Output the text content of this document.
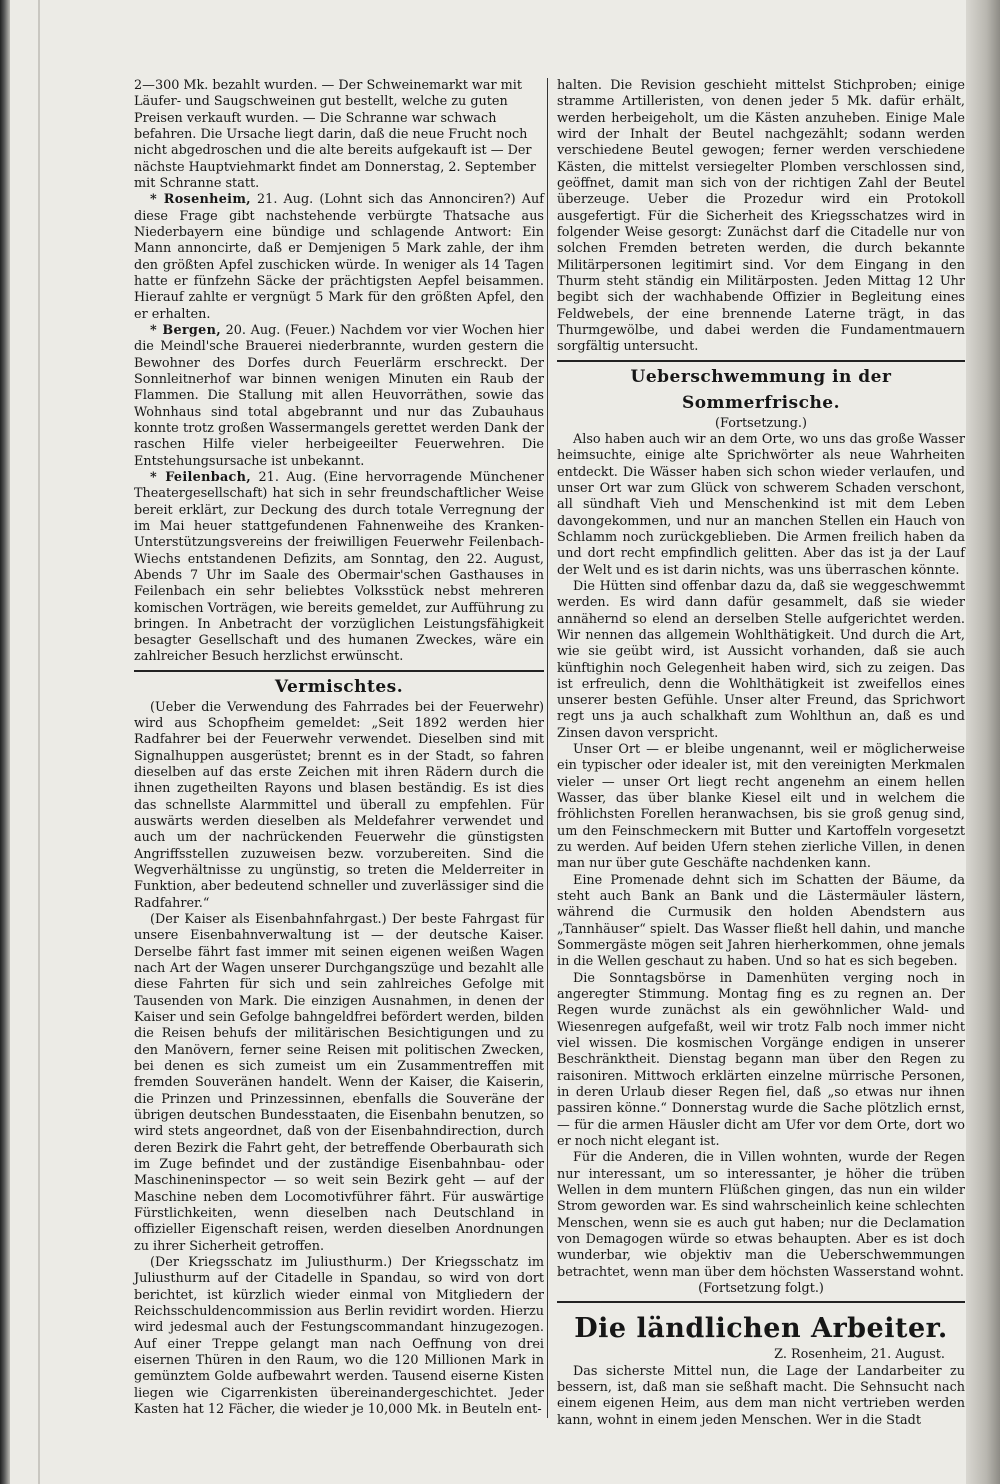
2—300 Mk. bezahlt wurden. — Der Schweinemarkt war mit Läufer- und Saugschweinen gut bestellt, welche zu guten Preisen verkauft wurden. — Die Schranne war schwach befahren. Die Ursache liegt darin, daß die neue Frucht noch nicht abgedroschen und die alte bereits aufgekauft ist — Der nächste Hauptviehmarkt findet am Donnerstag, 2. September mit Schranne statt.

* Rosenheim, 21. Aug. (Lohnt sich das Annonciren?) Auf diese Frage gibt nachstehende verbürgte Thatsache aus Niederbayern eine bündige und schlagende Antwort: Ein Mann annoncirte, daß er Demjenigen 5 Mark zahle, der ihm den größten Apfel zuschicken würde. In weniger als 14 Tagen hatte er fünfzehn Säcke der prächtigsten Aepfel beisammen. Hierauf zahlte er vergnügt 5 Mark für den größten Apfel, den er erhalten.

* Bergen, 20. Aug. (Feuer.) Nachdem vor vier Wochen hier die Meindl'sche Brauerei niederbrannte, wurden gestern die Bewohner des Dorfes durch Feuerlärm erschreckt. Der Sonnleitnerhof war binnen wenigen Minuten ein Raub der Flammen. Die Stallung mit allen Heuvorräthen, sowie das Wohnhaus sind total abgebrannt und nur das Zubauhaus konnte trotz großen Wassermangels gerettet werden Dank der raschen Hilfe vieler herbeigeeilter Feuerwehren. Die Entstehungsursache ist unbekannt.

* Feilenbach, 21. Aug. (Eine hervorragende Münchener Theatergesellschaft) hat sich in sehr freundschaftlicher Weise bereit erklärt, zur Deckung des durch totale Verregnung der im Mai heuer stattgefundenen Fahnenweihe des Kranken-Unterstützungsvereins der freiwilligen Feuerwehr Feilenbach-Wiechs entstandenen Defizits, am Sonntag, den 22. August, Abends 7 Uhr im Saale des Obermair'schen Gasthauses in Feilenbach ein sehr beliebtes Volksstück nebst mehreren komischen Vorträgen, wie bereits gemeldet, zur Aufführung zu bringen. In Anbetracht der vorzüglichen Leistungsfähigkeit besagter Gesellschaft und des humanen Zweckes, wäre ein zahlreicher Besuch herzlichst erwünscht.

Vermischtes.

(Ueber die Verwendung des Fahrrades bei der Feuerwehr) wird aus Schopfheim gemeldet: „Seit 1892 werden hier Radfahrer bei der Feuerwehr verwendet. Dieselben sind mit Signalhuppen ausgerüstet; brennt es in der Stadt, so fahren dieselben auf das erste Zeichen mit ihren Rädern durch die ihnen zugetheilten Rayons und blasen beständig. Es ist dies das schnellste Alarmmittel und überall zu empfehlen. Für auswärts werden dieselben als Meldefahrer verwendet und auch um der nachrückenden Feuerwehr die günstigsten Angriffsstellen zuzuweisen bezw. vorzubereiten. Sind die Wegverhältnisse zu ungünstig, so treten die Melderreiter in Funktion, aber bedeutend schneller und zuverlässiger sind die Radfahrer.“

(Der Kaiser als Eisenbahnfahrgast.) Der beste Fahrgast für unsere Eisenbahnverwaltung ist — der deutsche Kaiser. Derselbe fährt fast immer mit seinen eigenen weißen Wagen nach Art der Wagen unserer Durchgangszüge und bezahlt alle diese Fahrten für sich und sein zahlreiches Gefolge mit Tausenden von Mark. Die einzigen Ausnahmen, in denen der Kaiser und sein Gefolge bahngeldfrei befördert werden, bilden die Reisen behufs der militärischen Besichtigungen und zu den Manövern, ferner seine Reisen mit politischen Zwecken, bei denen es sich zumeist um ein Zusammentreffen mit fremden Souveränen handelt. Wenn der Kaiser, die Kaiserin, die Prinzen und Prinzessinnen, ebenfalls die Souveräne der übrigen deutschen Bundesstaaten, die Eisenbahn benutzen, so wird stets angeordnet, daß von der Eisenbahndirection, durch deren Bezirk die Fahrt geht, der betreffende Oberbaurath sich im Zuge befindet und der zuständige Eisenbahnbau- oder Maschineninspector — so weit sein Bezirk geht — auf der Maschine neben dem Locomotivführer fährt. Für auswärtige Fürstlichkeiten, wenn dieselben nach Deutschland in offizieller Eigenschaft reisen, werden dieselben Anordnungen zu ihrer Sicherheit getroffen.

(Der Kriegsschatz im Juliusthurm.) Der Kriegsschatz im Juliusthurm auf der Citadelle in Spandau, so wird von dort berichtet, ist kürzlich wieder einmal von Mitgliedern der Reichsschuldencommission aus Berlin revidirt worden. Hierzu wird jedesmal auch der Festungscommandant hinzugezogen. Auf einer Treppe gelangt man nach Oeffnung von drei eisernen Thüren in den Raum, wo die 120 Millionen Mark in gemünztem Golde aufbewahrt werden. Tausend eiserne Kisten liegen wie Cigarrenkisten übereinandergeschichtet. Jeder Kasten hat 12 Fächer, die wieder je 10,000 Mk. in Beuteln ent-

halten. Die Revision geschieht mittelst Stichproben; einige stramme Artilleristen, von denen jeder 5 Mk. dafür erhält, werden herbeigeholt, um die Kästen anzuheben. Einige Male wird der Inhalt der Beutel nachgezählt; sodann werden verschiedene Beutel gewogen; ferner werden verschiedene Kästen, die mittelst versiegelter Plomben verschlossen sind, geöffnet, damit man sich von der richtigen Zahl der Beutel überzeuge. Ueber die Prozedur wird ein Protokoll ausgefertigt. Für die Sicherheit des Kriegsschatzes wird in folgender Weise gesorgt: Zunächst darf die Citadelle nur von solchen Fremden betreten werden, die durch bekannte Militärpersonen legitimirt sind. Vor dem Eingang in den Thurm steht ständig ein Militärposten. Jeden Mittag 12 Uhr begibt sich der wachhabende Offizier in Begleitung eines Feldwebels, der eine brennende Laterne trägt, in das Thurmgewölbe, und dabei werden die Fundamentmauern sorgfältig untersucht.

Ueberschwemmung in der Sommerfrische.
(Fortsetzung.)

Also haben auch wir an dem Orte, wo uns das große Wasser heimsuchte, einige alte Sprichwörter als neue Wahrheiten entdeckt. Die Wässer haben sich schon wieder verlaufen, und unser Ort war zum Glück von schwerem Schaden verschont, all sündhaft Vieh und Menschenkind ist mit dem Leben davongekommen, und nur an manchen Stellen ein Hauch von Schlamm noch zurückgeblieben. Die Armen freilich haben da und dort recht empfindlich gelitten. Aber das ist ja der Lauf der Welt und es ist darin nichts, was uns überraschen könnte.

Die Hütten sind offenbar dazu da, daß sie weggeschwemmt werden. Es wird dann dafür gesammelt, daß sie wieder annähernd so elend an derselben Stelle aufgerichtet werden. Wir nennen das allgemein Wohlthätigkeit. Und durch die Art, wie sie geübt wird, ist Aussicht vorhanden, daß sie auch künftighin noch Gelegenheit haben wird, sich zu zeigen. Das ist erfreulich, denn die Wohlthätigkeit ist zweifellos eines unserer besten Gefühle. Unser alter Freund, das Sprichwort regt uns ja auch schalkhaft zum Wohlthun an, daß es und Zinsen davon verspricht.

Unser Ort — er bleibe ungenannt, weil er möglicherweise ein typischer oder idealer ist, mit den vereinigten Merkmalen vieler — unser Ort liegt recht angenehm an einem hellen Wasser, das über blanke Kiesel eilt und in welchem die fröhlichsten Forellen heranwachsen, bis sie groß genug sind, um den Feinschmeckern mit Butter und Kartoffeln vorgesetzt zu werden. Auf beiden Ufern stehen zierliche Villen, in denen man nur über gute Geschäfte nachdenken kann.

Eine Promenade dehnt sich im Schatten der Bäume, da steht auch Bank an Bank und die Lästermäuler lästern, während die Curmusik den holden Abendstern aus „Tannhäuser“ spielt. Das Wasser fließt hell dahin, und manche Sommergäste mögen seit Jahren hierherkommen, ohne jemals in die Wellen geschaut zu haben. Und so hat es sich begeben.

Die Sonntagsbörse in Damenhüten verging noch in angeregter Stimmung. Montag fing es zu regnen an. Der Regen wurde zunächst als ein gewöhnlicher Wald- und Wiesenregen aufgefaßt, weil wir trotz Falb noch immer nicht viel wissen. Die kosmischen Vorgänge endigen in unserer Beschränktheit. Dienstag begann man über den Regen zu raisoniren. Mittwoch erklärten einzelne mürrische Personen, in deren Urlaub dieser Regen fiel, daß „so etwas nur ihnen passiren könne.“ Donnerstag wurde die Sache plötzlich ernst, — für die armen Häusler dicht am Ufer vor dem Orte, dort wo er noch nicht elegant ist.

Für die Anderen, die in Villen wohnten, wurde der Regen nur interessant, um so interessanter, je höher die trüben Wellen in dem muntern Flüßchen gingen, das nun ein wilder Strom geworden war. Es sind wahrscheinlich keine schlechten Menschen, wenn sie es auch gut haben; nur die Declamation von Demagogen würde so etwas behaupten. Aber es ist doch wunderbar, wie objektiv man die Ueberschwemmungen betrachtet, wenn man über dem höchsten Wasserstand wohnt.

(Fortsetzung folgt.)
Die ländlichen Arbeiter.
Z. Rosenheim, 21. August.

Das sicherste Mittel nun, die Lage der Landarbeiter zu bessern, ist, daß man sie seßhaft macht. Die Sehnsucht nach einem eigenen Heim, aus dem man nicht vertrieben werden kann, wohnt in einem jeden Menschen. Wer in die Stadt
